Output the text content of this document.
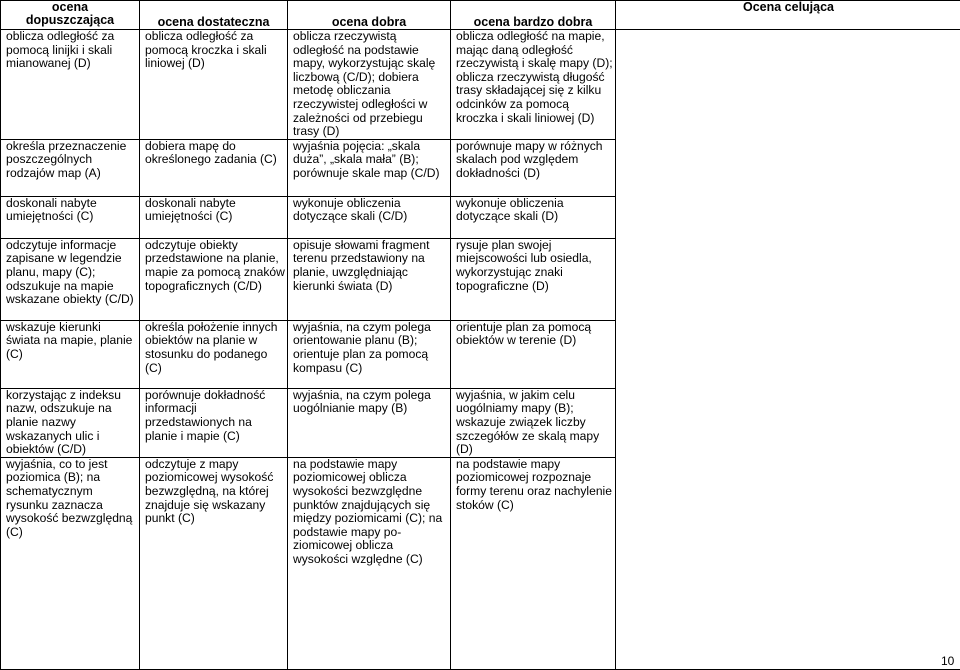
ocena
dopuszczająca	ocena dostateczna	ocena dobra	ocena bardzo dobra	Ocena celująca
oblicza odległość za pomocą linijki i skali mianowanej (D)	oblicza odległość za pomocą kroczka i skali liniowej (D)	oblicza rzeczywistą odległość na podstawie mapy, wykorzystując skalę liczbową (C/D); dobiera metodę obliczania rzeczywistej odległości w zależności od przebiegu trasy (D)	oblicza odległość na mapie, mając daną odległość rzeczywistą i skalę mapy (D); oblicza rzeczywistą długość trasy składającej się z kilku odcinków za pomocą kroczka i skali liniowej (D)	
określa przeznaczenie poszczególnych rodzajów map (A)	dobiera mapę do określonego zadania (C)	wyjaśnia pojęcia: „skala duża”, „skala mała” (B); porównuje skale map (C/D)	porównuje mapy w różnych skalach pod względem dokładności (D)	
doskonali nabyte umiejętności (C)	doskonali nabyte umiejętności (C)	wykonuje obliczenia dotyczące skali (C/D)	wykonuje obliczenia dotyczące skali (D)	
odczytuje informacje zapisane w legendzie planu, mapy (C); odszukuje na mapie wskazane obiekty (C/D)	odczytuje obiekty przedstawione na planie, mapie za pomocą znaków topograficznych (C/D)	opisuje słowami fragment terenu przedstawiony na planie, uwzględniając kierunki świata (D)	rysuje plan swojej miejscowości lub osiedla, wykorzystując znaki topograficzne (D)	
wskazuje kierunki świata na mapie, planie (C)	określa położenie innych obiektów na planie w stosunku do podanego (C)	wyjaśnia, na czym polega orientowanie planu (B); orientuje plan za pomocą kompasu (C)	orientuje plan za pomocą obiektów w terenie (D)	
korzystając z indeksu nazw, odszukuje na planie nazwy wskazanych ulic i obiektów (C/D)	porównuje dokładność informacji przedstawionych na planie i mapie (C)	wyjaśnia, na czym polega uogólnianie mapy (B)	wyjaśnia, w jakim celu uogólniamy mapy (B); wskazuje związek liczby szczegółów ze skalą mapy (D)	
wyjaśnia, co to jest poziomica (B); na schematycznym rysunku zaznacza wysokość bezwzględną (C)	odczytuje z mapy poziomicowej wysokość bezwzględną, na której znajduje się wskazany punkt (C)	na podstawie mapy poziomicowej oblicza wysokości bezwzględne punktów znajdujących się między poziomicami (C); na podstawie mapy po-ziomicowej oblicza wysokości względne (C)	na podstawie mapy poziomicowej rozpoznaje formy terenu oraz nachylenie stoków (C)	
10
